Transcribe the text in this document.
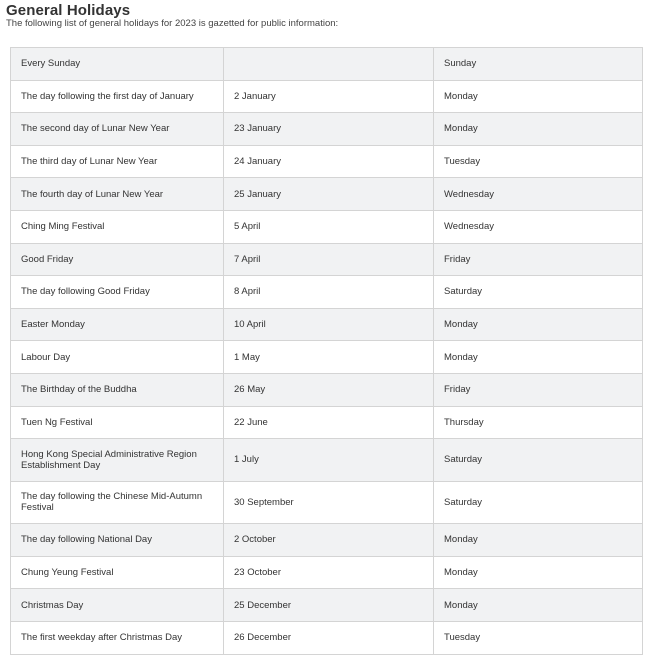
General Holidays

The following list of general holidays for 2023 is gazetted for public information:

Every Sunday		Sunday
The day following the first day of January	2 January	Monday
The second day of Lunar New Year	23 January	Monday
The third day of Lunar New Year	24 January	Tuesday
The fourth day of Lunar New Year	25 January	Wednesday
Ching Ming Festival	5 April	Wednesday
Good Friday	7 April	Friday
The day following Good Friday	8 April	Saturday
Easter Monday	10 April	Monday
Labour Day	1 May	Monday
The Birthday of the Buddha	26 May	Friday
Tuen Ng Festival	22 June	Thursday
Hong Kong Special Administrative Region Establishment Day	1 July	Saturday
The day following the Chinese Mid-Autumn Festival	30 September	Saturday
The day following National Day	2 October	Monday
Chung Yeung Festival	23 October	Monday
Christmas Day	25 December	Monday
The first weekday after Christmas Day	26 December	Tuesday
